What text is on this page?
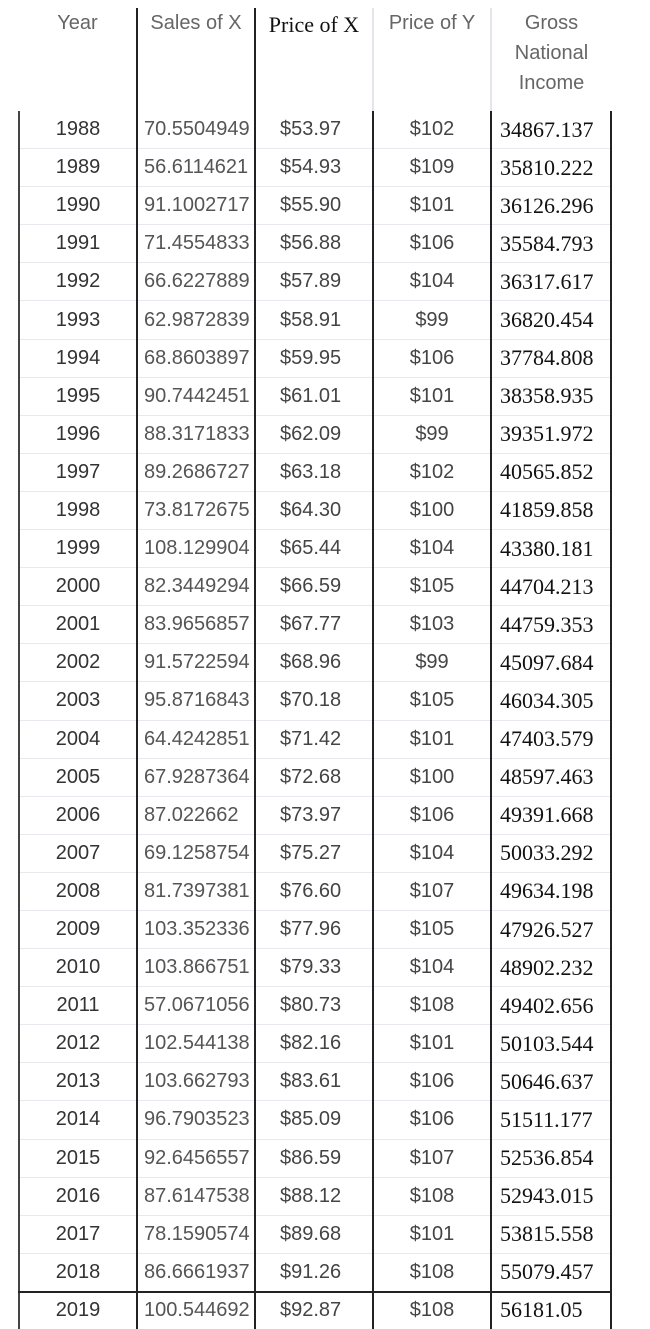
Year	Sales of X	Price of X	Price of Y	Gross National Income
1988	70.5504949	$53.97	$102	34867.137
1989	56.6114621	$54.93	$109	35810.222
1990	91.1002717	$55.90	$101	36126.296
1991	71.4554833	$56.88	$106	35584.793
1992	66.6227889	$57.89	$104	36317.617
1993	62.9872839	$58.91	$99	36820.454
1994	68.8603897	$59.95	$106	37784.808
1995	90.7442451	$61.01	$101	38358.935
1996	88.3171833	$62.09	$99	39351.972
1997	89.2686727	$63.18	$102	40565.852
1998	73.8172675	$64.30	$100	41859.858
1999	108.129904	$65.44	$104	43380.181
2000	82.3449294	$66.59	$105	44704.213
2001	83.9656857	$67.77	$103	44759.353
2002	91.5722594	$68.96	$99	45097.684
2003	95.8716843	$70.18	$105	46034.305
2004	64.4242851	$71.42	$101	47403.579
2005	67.9287364	$72.68	$100	48597.463
2006	87.022662	$73.97	$106	49391.668
2007	69.1258754	$75.27	$104	50033.292
2008	81.7397381	$76.60	$107	49634.198
2009	103.352336	$77.96	$105	47926.527
2010	103.866751	$79.33	$104	48902.232
2011	57.0671056	$80.73	$108	49402.656
2012	102.544138	$82.16	$101	50103.544
2013	103.662793	$83.61	$106	50646.637
2014	96.7903523	$85.09	$106	51511.177
2015	92.6456557	$86.59	$107	52536.854
2016	87.6147538	$88.12	$108	52943.015
2017	78.1590574	$89.68	$101	53815.558
2018	86.6661937	$91.26	$108	55079.457
2019	100.544692	$92.87	$108	56181.05
